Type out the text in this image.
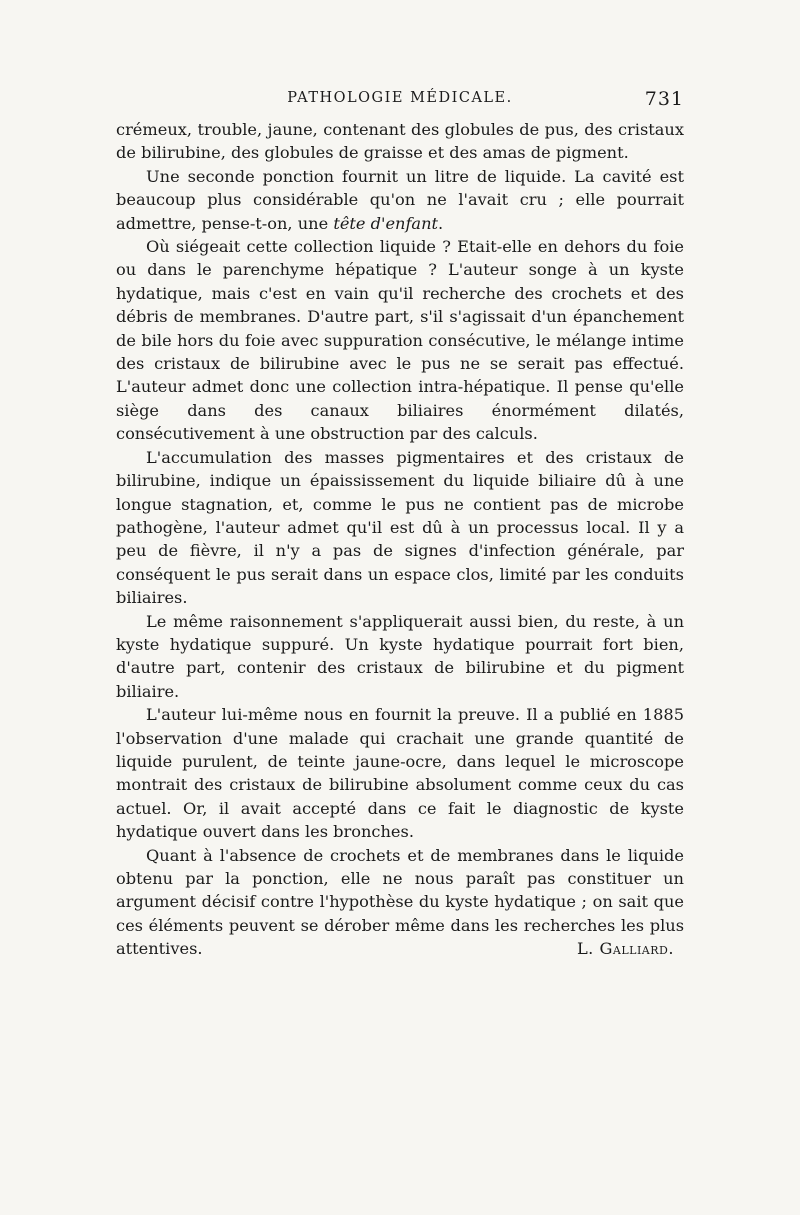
PATHOLOGIE MÉDICALE.	731

crémeux, trouble, jaune, contenant des globules de pus, des cristaux de bilirubine, des globules de graisse et des amas de pigment.

Une seconde ponction fournit un litre de liquide. La cavité est beaucoup plus considérable qu'on ne l'avait cru ; elle pourrait admettre, pense-t-on, une tête d'enfant.

Où siégeait cette collection liquide ? Etait-elle en dehors du foie ou dans le parenchyme hépatique ? L'auteur songe à un kyste hydatique, mais c'est en vain qu'il recherche des crochets et des débris de membranes. D'autre part, s'il s'agissait d'un épanchement de bile hors du foie avec suppuration consécutive, le mélange intime des cristaux de bilirubine avec le pus ne se serait pas effectué. L'auteur admet donc une collection intra-hépatique. Il pense qu'elle siège dans des canaux biliaires énormément dilatés, consécutivement à une obstruction par des calculs.

L'accumulation des masses pigmentaires et des cristaux de bilirubine, indique un épaississement du liquide biliaire dû à une longue stagnation, et, comme le pus ne contient pas de microbe pathogène, l'auteur admet qu'il est dû à un processus local. Il y a peu de fièvre, il n'y a pas de signes d'infection générale, par conséquent le pus serait dans un espace clos, limité par les conduits biliaires.

Le même raisonnement s'appliquerait aussi bien, du reste, à un kyste hydatique suppuré. Un kyste hydatique pourrait fort bien, d'autre part, contenir des cristaux de bilirubine et du pigment biliaire.

L'auteur lui-même nous en fournit la preuve. Il a publié en 1885 l'observation d'une malade qui crachait une grande quantité de liquide purulent, de teinte jaune-ocre, dans lequel le microscope montrait des cristaux de bilirubine absolument comme ceux du cas actuel. Or, il avait accepté dans ce fait le diagnostic de kyste hydatique ouvert dans les bronches.

Quant à l'absence de crochets et de membranes dans le liquide obtenu par la ponction, elle ne nous paraît pas constituer un argument décisif contre l'hypothèse du kyste hydatique ; on sait que ces éléments peuvent se dérober même dans les recherches les plus attentives.	L. Galliard.
